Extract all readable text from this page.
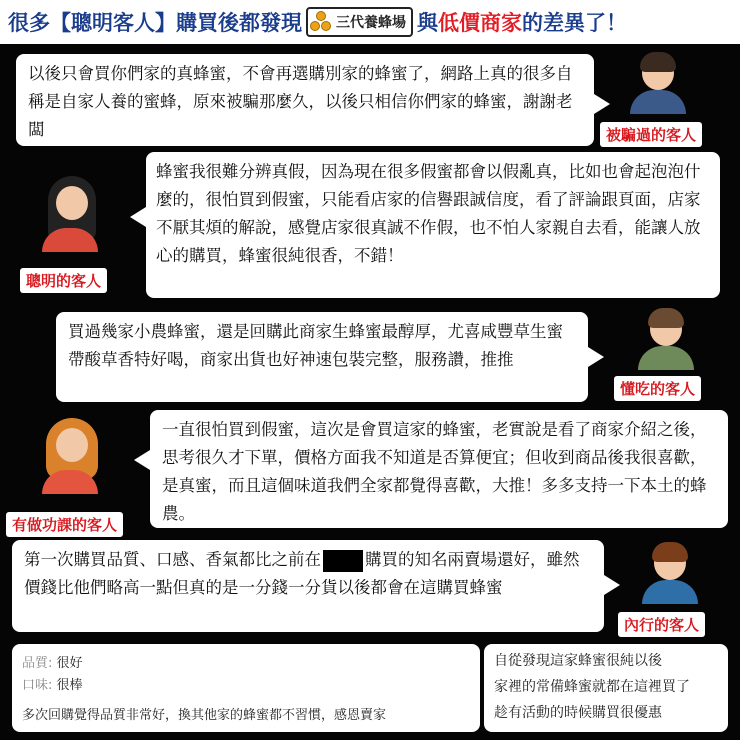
很多【聰明客人】購買後都發現 三代養蜂場 與 低價商家 的差異了！
以後只會買你們家的真蜂蜜，不會再選購別家的蜂蜜了，網路上真的很多自稱是自家人養的蜜蜂，原來被騙那麼久，以後只相信你們家的蜂蜜，謝謝老闆	被騙過的客人
蜂蜜我很難分辨真假，因為現在很多假蜜都會以假亂真，比如也會起泡泡什麼的，很怕買到假蜜，只能看店家的信譽跟誠信度，看了評論跟頁面，店家不厭其煩的解說，感覺店家很真誠不作假，也不怕人家親自去看，能讓人放心的購買，蜂蜜很純很香，不錯！
聰明的客人
買過幾家小農蜂蜜，還是回購此商家生蜂蜜最醇厚，尤喜咸豐草生蜜帶酸草香特好喝，商家出貨也好神速包裝完整，服務讚，推推
懂吃的客人
一直很怕買到假蜜，這次是會買這家的蜂蜜，老實說是看了商家介紹之後，思考很久才下單，價格方面我不知道是否算便宜；但收到商品後我很喜歡，是真蜜，而且這個味道我們全家都覺得喜歡，大推！多多支持一下本土的蜂農。
有做功課的客人
第一次購買品質、口感、香氣都比之前在	購買的知名兩賣場還好，雖然價錢比他們略高一點但真的是一分錢一分貨以後都會在這購買蜂蜜
內行的客人
品質: 很好
口味: 很棒
多次回購覺得品質非常好，換其他家的蜂蜜都不習慣，感恩賣家
自從發現這家蜂蜜很純以後
家裡的常備蜂蜜就都在這裡買了
趁有活動的時候購買很優惠
